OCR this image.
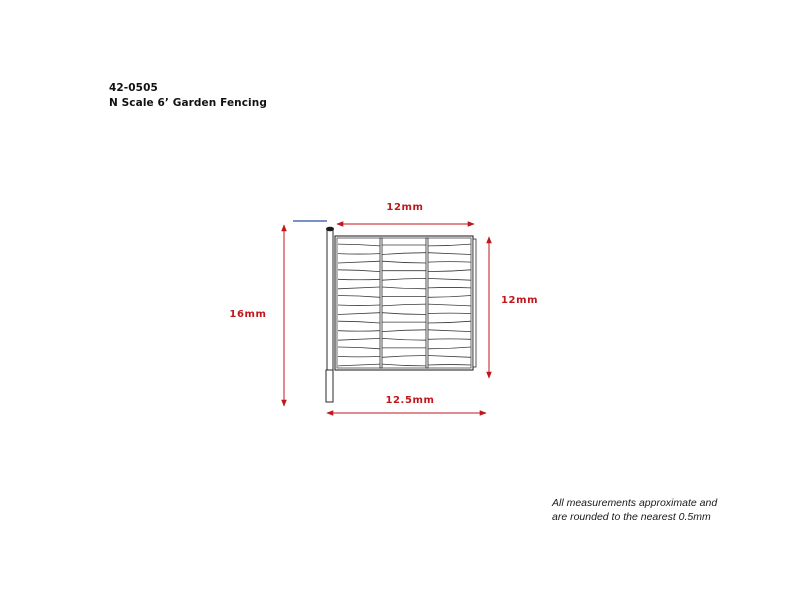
42-0505
N Scale 6’ Garden Fencing
12mm
12mm
16mm
12.5mm
All measurements approximate and
are rounded to the nearest 0.5mm
